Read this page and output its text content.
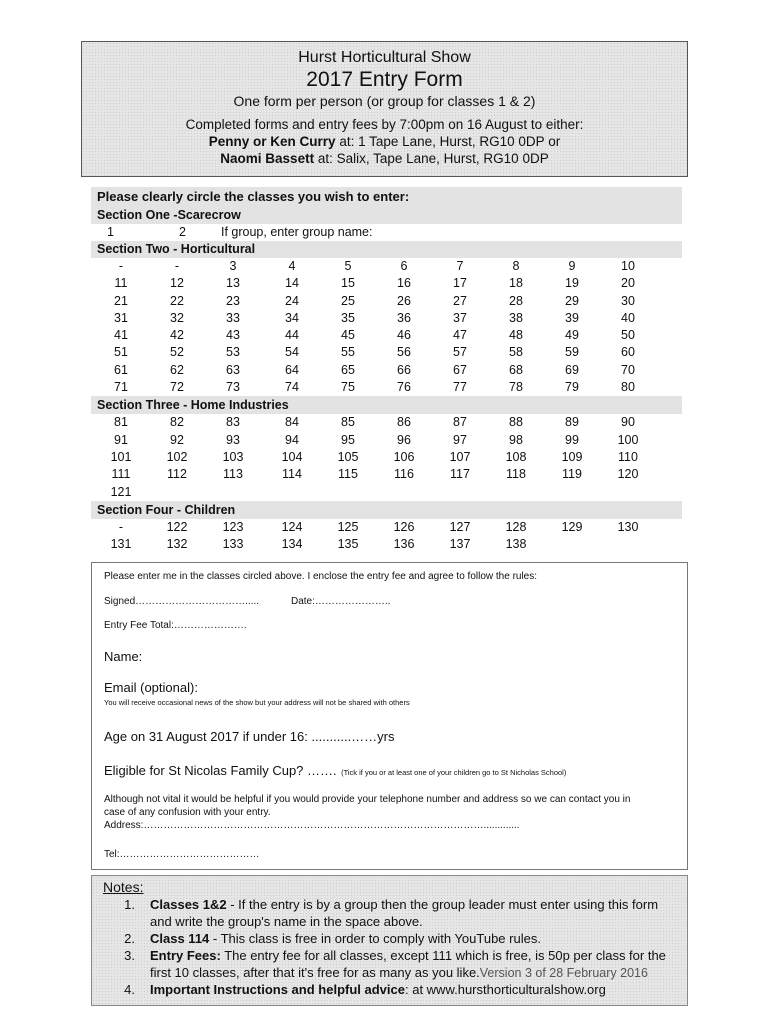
Hurst Horticultural Show
2017 Entry Form
One form per person (or group for classes 1 & 2)
Completed forms and entry fees by 7:00pm on 16 August to either:
Penny or Ken Curry at: 1 Tape Lane, Hurst, RG10 0DP or
Naomi Bassett at: Salix, Tape Lane, Hurst, RG10 0DP
Please clearly circle the classes you wish to enter:
Section One -Scarecrow
1	2	If group, enter group name:
Section Two - Horticultural
-	-	3	4	5	6	7	8	9	10
11	12	13	14	15	16	17	18	19	20
21	22	23	24	25	26	27	28	29	30
31	32	33	34	35	36	37	38	39	40
41	42	43	44	45	46	47	48	49	50
51	52	53	54	55	56	57	58	59	60
61	62	63	64	65	66	67	68	69	70
71	72	73	74	75	76	77	78	79	80
Section Three - Home Industries
81	82	83	84	85	86	87	88	89	90
91	92	93	94	95	96	97	98	99	100
101	102	103	104	105	106	107	108	109	110
111	112	113	114	115	116	117	118	119	120
121
Section Four - Children
-	122	123	124	125	126	127	128	129	130
131	132	133	134	135	136	137	138
Please enter me in the classes circled above. I enclose the entry fee and agree to follow the rules:
Signed…………………………….....	Date:…………………..
Entry Fee Total:………………….
Name:
Email (optional):
You will receive occasional news of the show but your address will not be shared with others
Age on 31 August 2017 if under 16: ...........……yrs
Eligible for St Nicolas Family Cup? ……. (Tick if you or at least one of your children go to St Nicholas School)
Although not vital it would be helpful if you would provide your telephone number and address so we can contact you in
case of any confusion with your entry.
Address:………………………………………………………………………………………….............
Tel:……………………………………
Notes:
1. Classes 1&2 - If the entry is by a group then the group leader must enter using this form
and write the group's name in the space above.
2. Class 114 - This class is free in order to comply with YouTube rules.
3. Entry Fees: The entry fee for all classes, except 111 which is free, is 50p per class for the
first 10 classes, after that it's free for as many as you like.Version 3 of 28 February 2016
4. Important Instructions and helpful advice: at www.hursthorticulturalshow.org
